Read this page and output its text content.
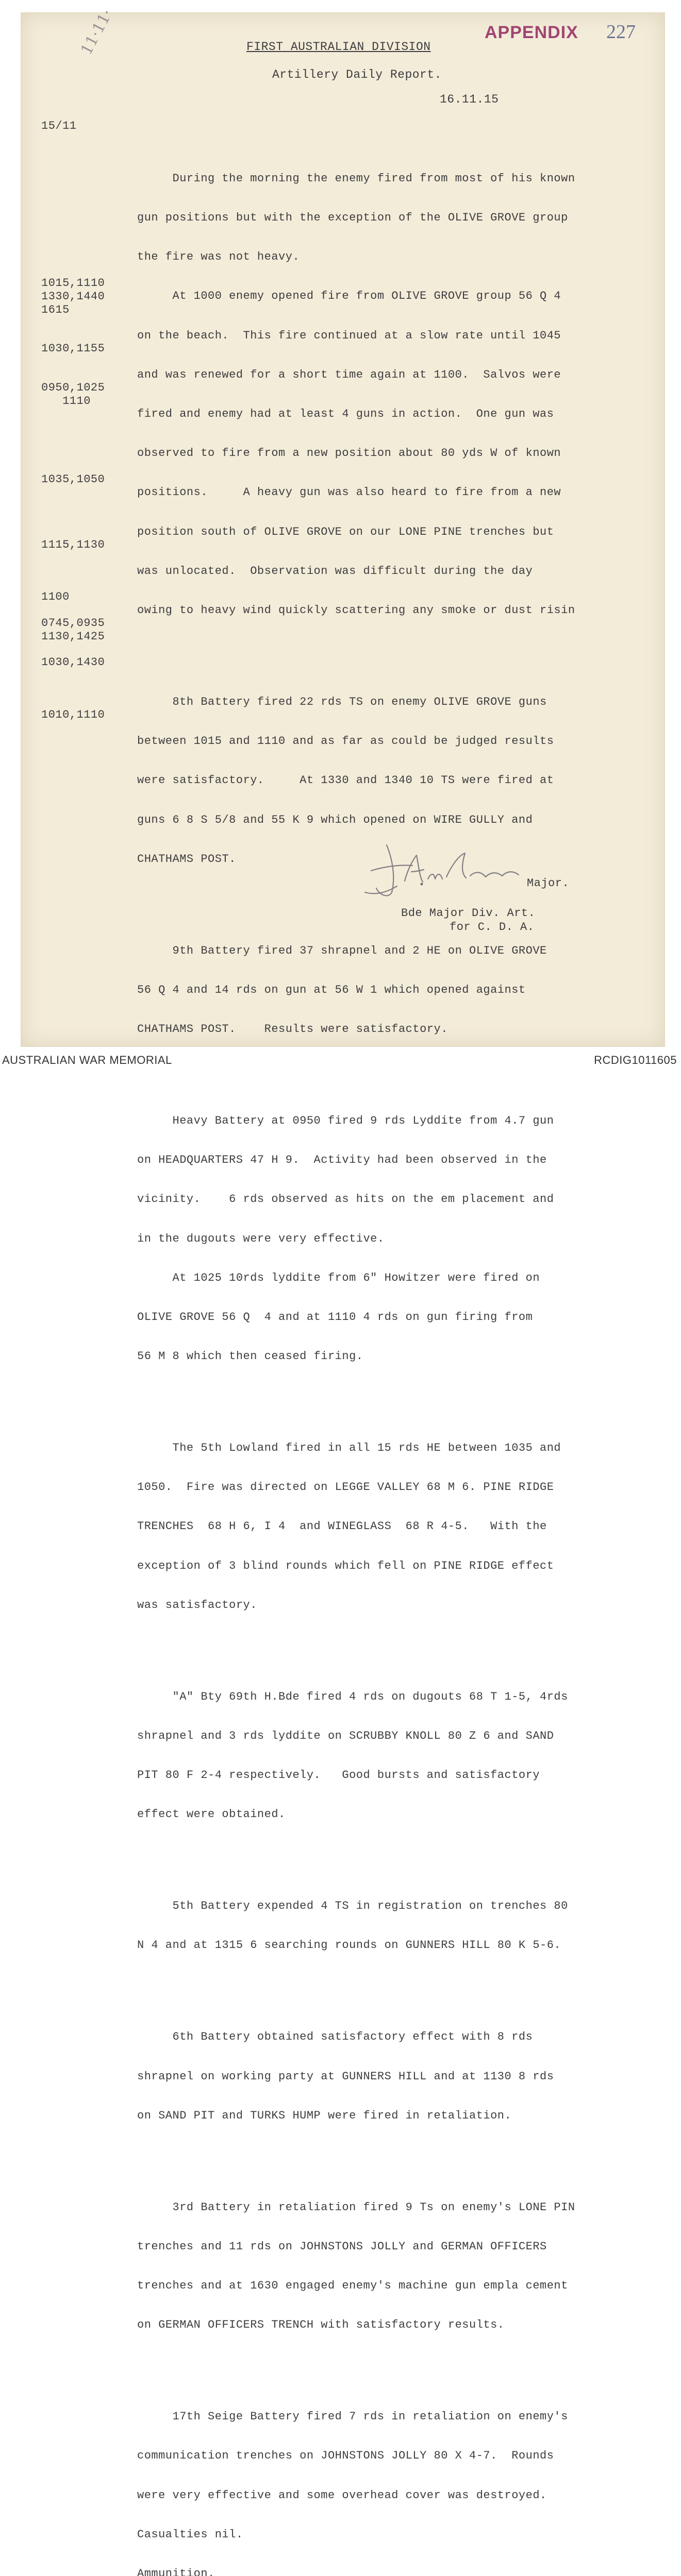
APPENDIX 227
11·11·	FIRST AUSTRALIAN DIVISION
Artillery Daily Report.
16.11.15
15/11
1015,1110
1330,1440
1615
1030,1155
0950,1025
1110
1035,1050
1115,1130
1100
0745,0935
1130,1425
1030,1430
1010,1110

During the morning the enemy fired from most of his known

gun positions but with the exception of the OLIVE GROVE group

the fire was not heavy.

At 1000 enemy opened fire from OLIVE GROVE group 56 Q 4

on the beach.  This fire continued at a slow rate until 1045

and was renewed for a short time again at 1100.  Salvos were

fired and enemy had at least 4 guns in action.  One gun was

observed to fire from a new position about 80 yds W of known

positions.     A heavy gun was also heard to fire from a new

position south of OLIVE GROVE on our LONE PINE trenches but

was unlocated.  Observation was difficult during the day

owing to heavy wind quickly scattering any smoke or dust risin

8th Battery fired 22 rds TS on enemy OLIVE GROVE guns

between 1015 and 1110 and as far as could be judged results

were satisfactory.     At 1330 and 1340 10 TS were fired at

guns 6 8 S 5/8 and 55 K 9 which opened on WIRE GULLY and

CHATHAMS POST.

9th Battery fired 37 shrapnel and 2 HE on OLIVE GROVE

56 Q 4 and 14 rds on gun at 56 W 1 which opened against

CHATHAMS POST.    Results were satisfactory.

Heavy Battery at 0950 fired 9 rds Lyddite from 4.7 gun

on HEADQUARTERS 47 H 9.  Activity had been observed in the

vicinity.    6 rds observed as hits on the em placement and

in the dugouts were very effective.

At 1025 10rds lyddite from 6" Howitzer were fired on

OLIVE GROVE 56 Q  4 and at 1110 4 rds on gun firing from

56 M 8 which then ceased firing.

The 5th Lowland fired in all 15 rds HE between 1035 and

1050.  Fire was directed on LEGGE VALLEY 68 M 6. PINE RIDGE

TRENCHES  68 H 6, I 4  and WINEGLASS  68 R 4-5.   With the

exception of 3 blind rounds which fell on PINE RIDGE effect

was satisfactory.

"A" Bty 69th H.Bde fired 4 rds on dugouts 68 T 1-5, 4rds

shrapnel and 3 rds lyddite on SCRUBBY KNOLL 80 Z 6 and SAND

PIT 80 F 2-4 respectively.   Good bursts and satisfactory

effect were obtained.

5th Battery expended 4 TS in registration on trenches 80

N 4 and at 1315 6 searching rounds on GUNNERS HILL 80 K 5-6.

6th Battery obtained satisfactory effect with 8 rds

shrapnel on working party at GUNNERS HILL and at 1130 8 rds

on SAND PIT and TURKS HUMP were fired in retaliation.

3rd Battery in retaliation fired 9 Ts on enemy's LONE PIN

trenches and 11 rds on JOHNSTONS JOLLY and GERMAN OFFICERS

trenches and at 1630 engaged enemy's machine gun empla cement

on GERMAN OFFICERS TRENCH with satisfactory results.

17th Seige Battery fired 7 rds in retaliation on enemy's

communication trenches on JOHNSTONS JOLLY 80 X 4-7.  Rounds

were very effective and some overhead cover was destroyed.

Casualties nil.

Ammunition.

Major.
Bde Major Div. Art.
for C. D. A.
AUSTRALIAN WAR MEMORIAL	RCDIG1011605
